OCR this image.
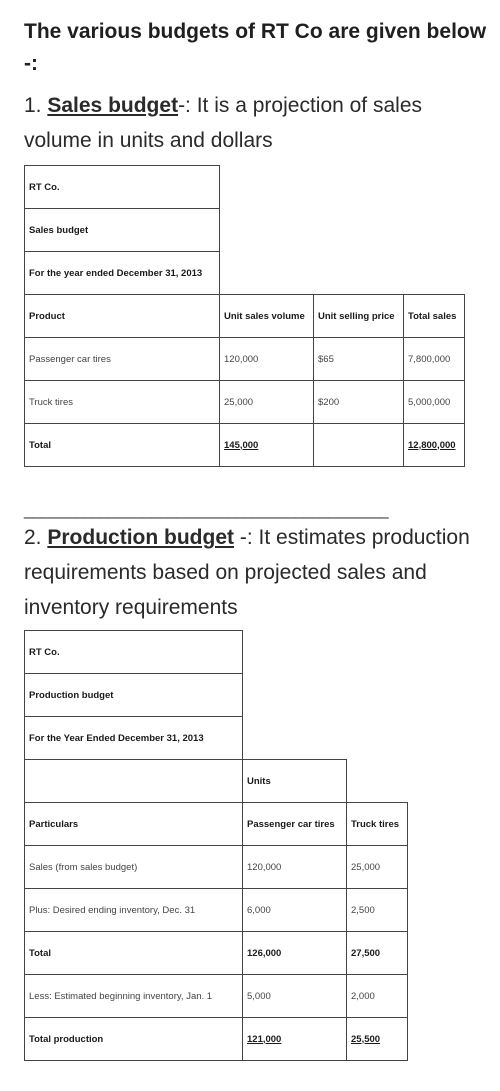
The various budgets of RT Co are given below
-:
1. Sales budget-: It is a projection of sales
volume in units and dollars
RT Co.			
Sales budget			
For the year ended December 31, 2013			
Product	Unit sales volume	Unit selling price	Total sales
Passenger car tires	120,000	$65	7,800,000
Truck tires	25,000	$200	5,000,000
Total	145,000		12,800,000
___________________________________________
2. Production budget -: It estimates production
requirements based on projected sales and
inventory requirements
RT Co.		
Production budget		
For the Year Ended December 31, 2013		
	Units	
Particulars	Passenger car tires	Truck tires
Sales (from sales budget)	120,000	25,000
Plus: Desired ending inventory, Dec. 31	6,000	2,500
Total	126,000	27,500
Less: Estimated beginning inventory, Jan. 1	5,000	2,000
Total production	121,000	25,500
